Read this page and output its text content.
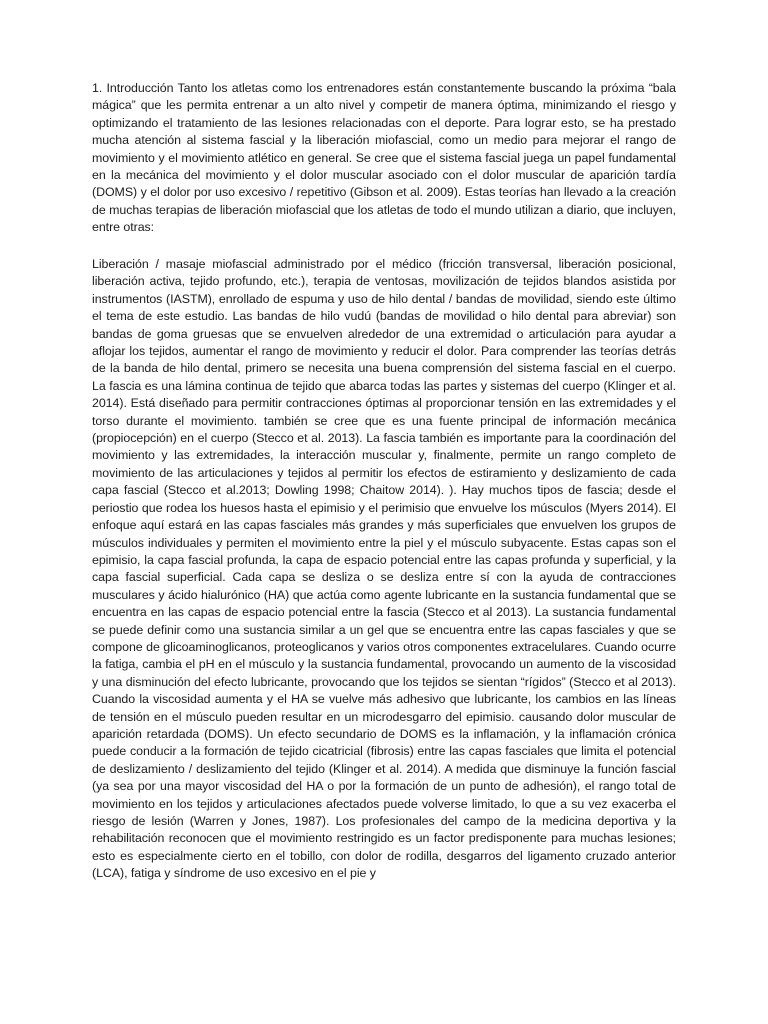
1. Introducción Tanto los atletas como los entrenadores están constantemente buscando la próxima “bala mágica” que les permita entrenar a un alto nivel y competir de manera óptima, minimizando el riesgo y optimizando el tratamiento de las lesiones relacionadas con el deporte. Para lograr esto, se ha prestado mucha atención al sistema fascial y la liberación miofascial, como un medio para mejorar el rango de movimiento y el movimiento atlético en general. Se cree que el sistema fascial juega un papel fundamental en la mecánica del movimiento y el dolor muscular asociado con el dolor muscular de aparición tardía (DOMS) y el dolor por uso excesivo / repetitivo (Gibson et al. 2009). Estas teorías han llevado a la creación de muchas terapias de liberación miofascial que los atletas de todo el mundo utilizan a diario, que incluyen, entre otras:

Liberación / masaje miofascial administrado por el médico (fricción transversal, liberación posicional, liberación activa, tejido profundo, etc.), terapia de ventosas, movilización de tejidos blandos asistida por instrumentos (IASTM), enrollado de espuma y uso de hilo dental / bandas de movilidad, siendo este último el tema de este estudio. Las bandas de hilo vudú (bandas de movilidad o hilo dental para abreviar) son bandas de goma gruesas que se envuelven alrededor de una extremidad o articulación para ayudar a aflojar los tejidos, aumentar el rango de movimiento y reducir el dolor. Para comprender las teorías detrás de la banda de hilo dental, primero se necesita una buena comprensión del sistema fascial en el cuerpo. La fascia es una lámina continua de tejido que abarca todas las partes y sistemas del cuerpo (Klinger et al. 2014). Está diseñado para permitir contracciones óptimas al proporcionar tensión en las extremidades y el torso durante el movimiento. también se cree que es una fuente principal de información mecánica (propiocepción) en el cuerpo (Stecco et al. 2013). La fascia también es importante para la coordinación del movimiento y las extremidades, la interacción muscular y, finalmente, permite un rango completo de movimiento de las articulaciones y tejidos al permitir los efectos de estiramiento y deslizamiento de cada capa fascial (Stecco et al.2013; Dowling 1998; Chaitow 2014). ). Hay muchos tipos de fascia; desde el periostio que rodea los huesos hasta el epimisio y el perimisio que envuelve los músculos (Myers 2014). El enfoque aquí estará en las capas fasciales más grandes y más superficiales que envuelven los grupos de músculos individuales y permiten el movimiento entre la piel y el músculo subyacente. Estas capas son el epimisio, la capa fascial profunda, la capa de espacio potencial entre las capas profunda y superficial, y la capa fascial superficial. Cada capa se desliza o se desliza entre sí con la ayuda de contracciones musculares y ácido hialurónico (HA) que actúa como agente lubricante en la sustancia fundamental que se encuentra en las capas de espacio potencial entre la fascia (Stecco et al 2013). La sustancia fundamental se puede definir como una sustancia similar a un gel que se encuentra entre las capas fasciales y que se compone de glicoaminoglicanos, proteoglicanos y varios otros componentes extracelulares. Cuando ocurre la fatiga, cambia el pH en el músculo y la sustancia fundamental, provocando un aumento de la viscosidad y una disminución del efecto lubricante, provocando que los tejidos se sientan “rígidos” (Stecco et al 2013). Cuando la viscosidad aumenta y el HA se vuelve más adhesivo que lubricante, los cambios en las líneas de tensión en el músculo pueden resultar en un microdesgarro del epimisio. causando dolor muscular de aparición retardada (DOMS). Un efecto secundario de DOMS es la inflamación, y la inflamación crónica puede conducir a la formación de tejido cicatricial (fibrosis) entre las capas fasciales que limita el potencial de deslizamiento / deslizamiento del tejido (Klinger et al. 2014). A medida que disminuye la función fascial (ya sea por una mayor viscosidad del HA o por la formación de un punto de adhesión), el rango total de movimiento en los tejidos y articulaciones afectados puede volverse limitado, lo que a su vez exacerba el riesgo de lesión (Warren y Jones, 1987). Los profesionales del campo de la medicina deportiva y la rehabilitación reconocen que el movimiento restringido es un factor predisponente para muchas lesiones; esto es especialmente cierto en el tobillo, con dolor de rodilla, desgarros del ligamento cruzado anterior (LCA), fatiga y síndrome de uso excesivo en el pie y
